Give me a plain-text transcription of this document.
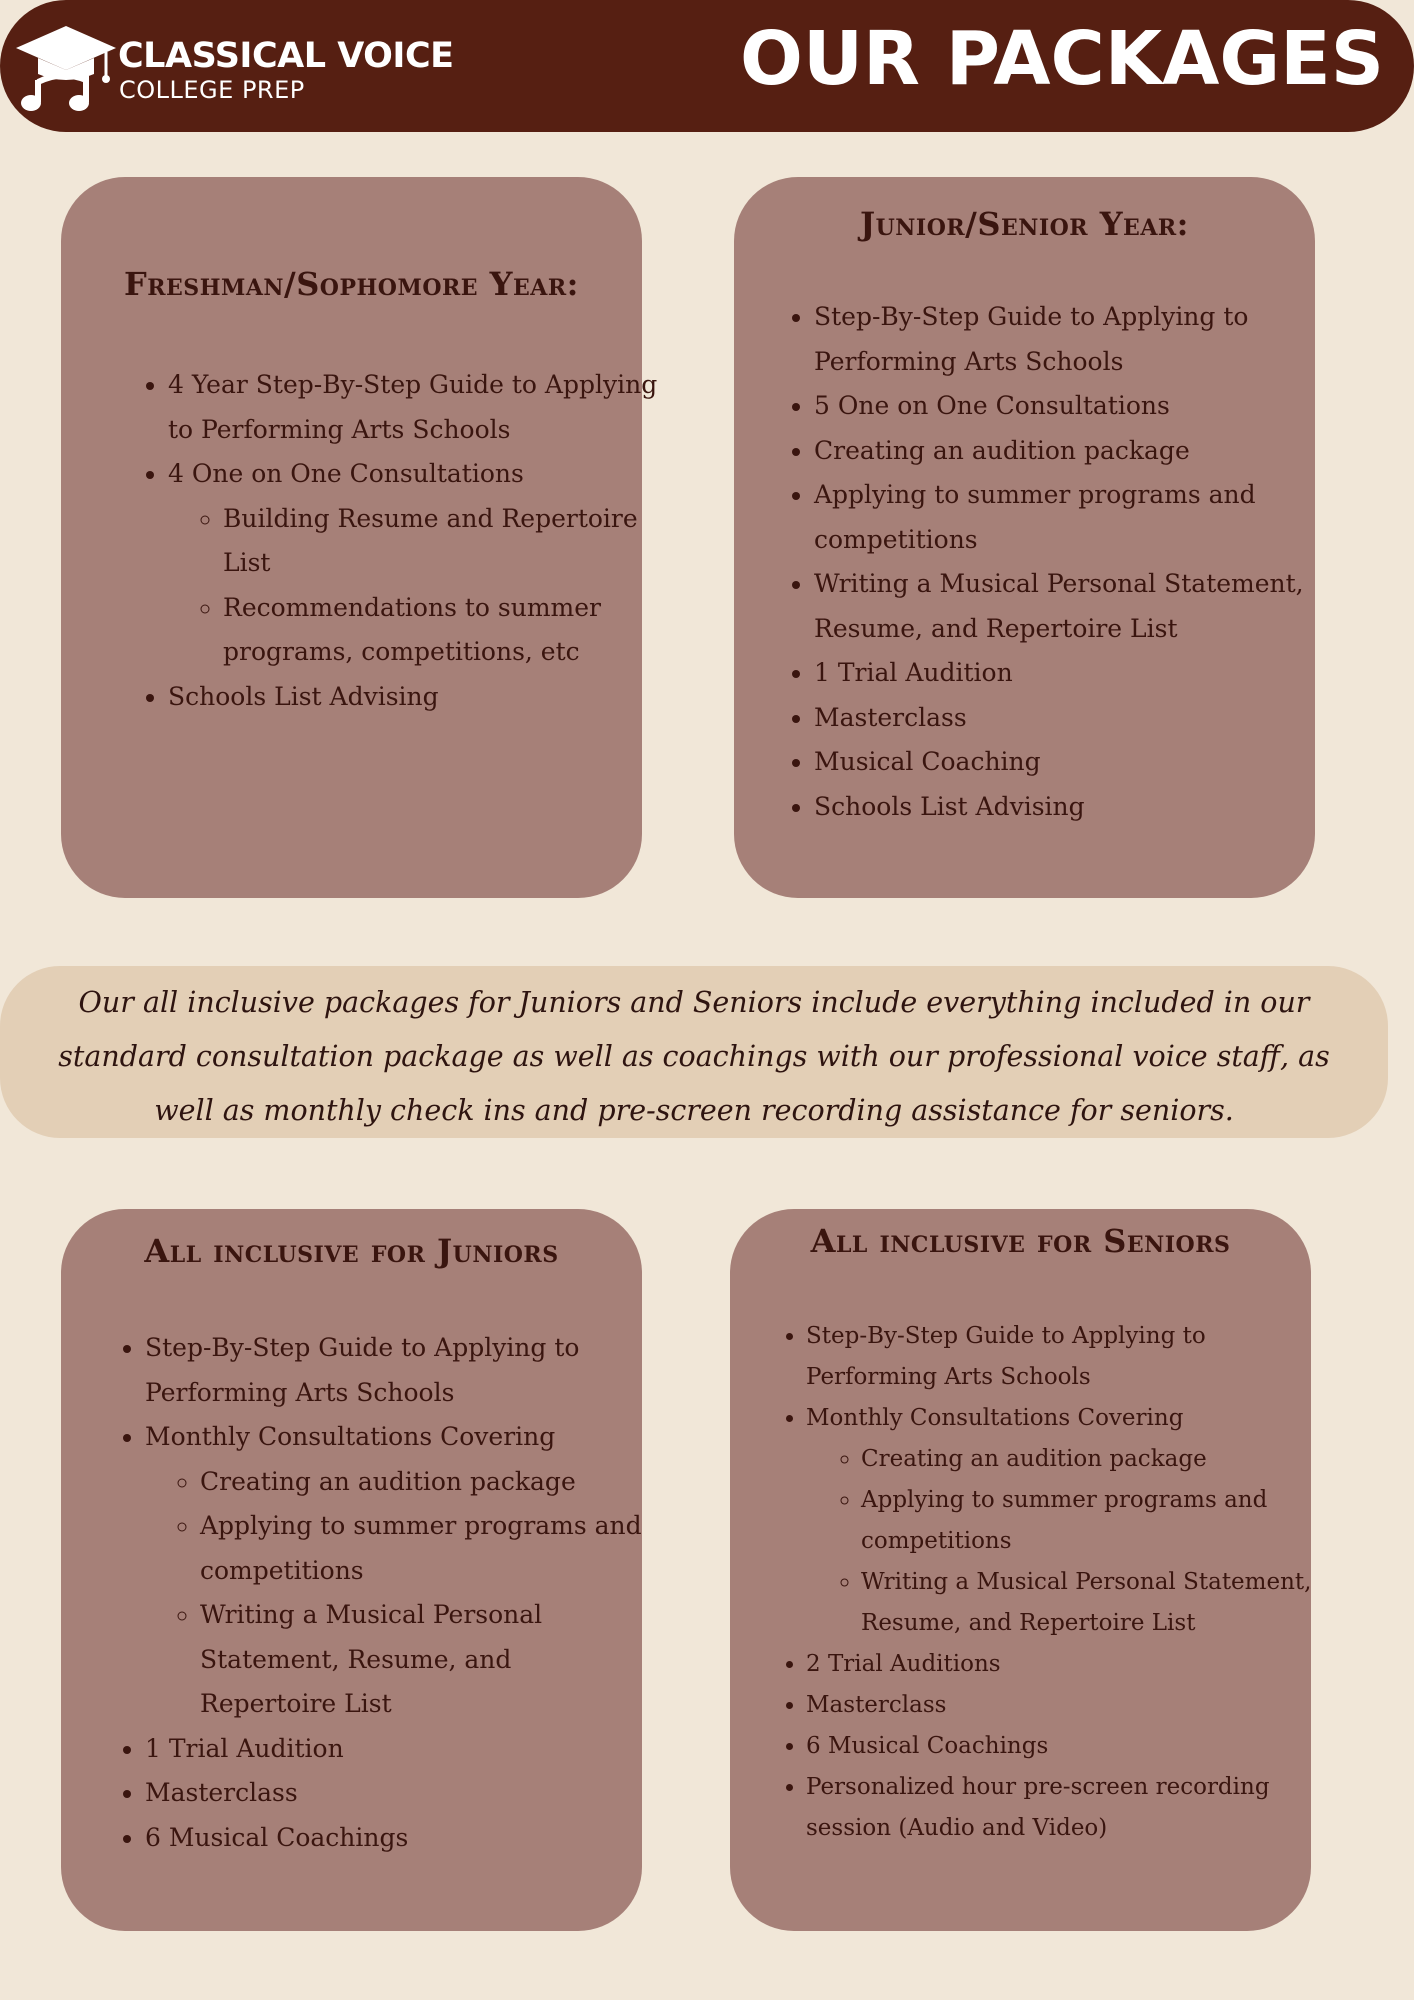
CLASSICAL VOICE
COLLEGE PREP	OUR PACKAGES
Freshman/Sophomore Year:
• 4 Year Step-By-Step Guide to Applying to Performing Arts Schools
• 4 One on One Consultations
◦ Building Resume and Repertoire List
◦ Recommendations to summer programs, competitions, etc
• Schools List Advising
Junior/Senior Year:
• Step-By-Step Guide to Applying to Performing Arts Schools
• 5 One on One Consultations
• Creating an audition package
• Applying to summer programs and competitions
• Writing a Musical Personal Statement, Resume, and Repertoire List
• 1 Trial Audition
• Masterclass
• Musical Coaching
• Schools List Advising
Our all inclusive packages for Juniors and Seniors include everything included in our standard consultation package as well as coachings with our professional voice staff, as well as monthly check ins and pre-screen recording assistance for seniors.
All inclusive for Juniors
• Step-By-Step Guide to Applying to Performing Arts Schools
• Monthly Consultations Covering
◦ Creating an audition package
◦ Applying to summer programs and competitions
◦ Writing a Musical Personal Statement, Resume, and Repertoire List
• 1 Trial Audition
• Masterclass
• 6 Musical Coachings
All inclusive for Seniors
• Step-By-Step Guide to Applying to Performing Arts Schools
• Monthly Consultations Covering
◦ Creating an audition package
◦ Applying to summer programs and competitions
◦ Writing a Musical Personal Statement, Resume, and Repertoire List
• 2 Trial Auditions
• Masterclass
• 6 Musical Coachings
• Personalized hour pre-screen recording session (Audio and Video)
